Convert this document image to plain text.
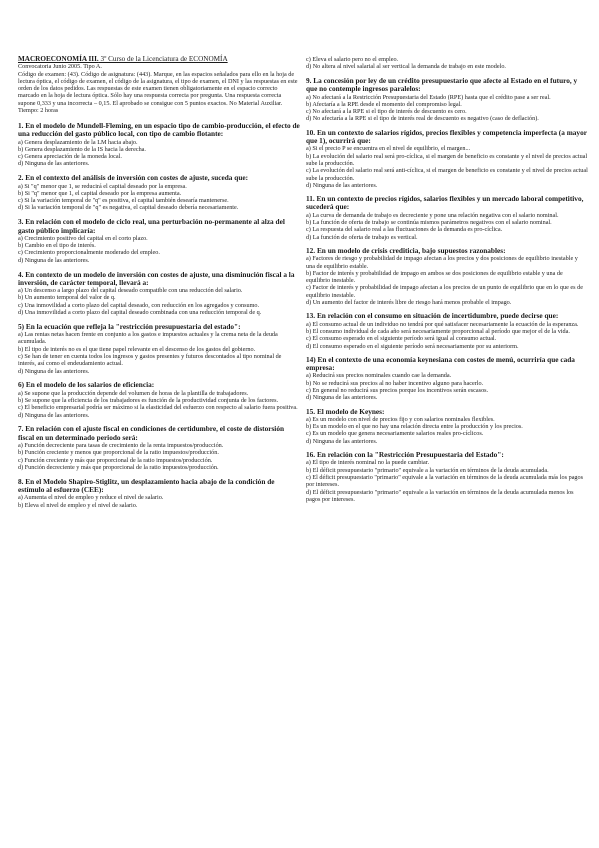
MACROECONOMÍA III. 3º Curso de la Licenciatura de ECONOMÍA
Convocatoria Junio 2005. Tipo A.
Código de examen: (43). Código de asignatura: (443). Marque, en las espacios señalados para ello en la hoja de lectura óptica, el código de examen, el código de la asignatura, el tipo de examen, el DNI y las respuestas en este orden de los datos pedidos. Las respuestas de este examen tienen obligatoriamente en el espacio correcto marcado en la hoja de lectura óptica. Sólo hay una respuesta correcta por pregunta. Una respuesta correcta supone 0,333 y una incorrecta – 0,15. El aprobado se consigue con 5 puntos exactos. No Material Auxiliar. Tiempo: 2 horas
1. En el modelo de Mundell-Fleming, en un espacio tipo de cambio-producción, el efecto de una reducción del gasto público local, con tipo de cambio flotante:
a) Genera desplazamiento de la LM hacia abajo.
b) Genera desplazamiento de la IS hacia la derecha.
c) Genera apreciación de la moneda local.
d) Ninguna de las anteriores.
2. En el contexto del análisis de inversión con costes de ajuste, suceda que:
a) Si "q" menor que 1, se reducirá el capital deseado por la empresa.
b) Si "q" menor que 1, el capital deseado por la empresa aumenta.
c) Si la variación temporal de "q" es positiva, el capital también desearía mantenerse.
d) Si la variación temporal de "q" es negativa, el capital deseado debería necesariamente.
3. En relación con el modelo de ciclo real, una perturbación no-permanente al alza del gasto público implicaría:
a) Crecimiento positivo del capital en el corto plazo.
b) Cambio en el tipo de interés.
c) Crecimiento proporcionalmente moderado del empleo.
d) Ninguna de las anteriores.
4. En contexto de un modelo de inversión con costes de ajuste, una disminución fiscal a la inversión, de carácter temporal, llevará a:
a) Un descenso a largo plazo del capital deseado compatible con una reducción del salario.
b) Un aumento temporal del valor de q.
c) Una inmovilidad a corto plazo del capital deseado, con reducción en los agregados y consumo.
d) Una inmovilidad a corto plazo del capital deseado combinada con una reducción temporal de q.
5) En la ecuación que refleja la "restricción presupuestaria del estado":
a) Las rentas netas hacen frente en conjunto a los gastos e impuestos actuales y la crema neta de la deuda acumulada.
b) El tipo de interés no es el que tiene papel relevante en el descenso de los gastos del gobierno.
c) Se han de tener en cuenta todos los ingresos y gastos presentes y futuros descontados al tipo nominal de interés, así como el endeudamiento actual.
d) Ninguna de las anteriores.
6) En el modelo de los salarios de eficiencia:
a) Se supone que la producción depende del volumen de horas de la plantilla de trabajadores.
b) Se supone que la eficiencia de los trabajadores es función de la productividad conjunta de los factores.
c) El beneficio empresarial podría ser máximo si la elasticidad del esfuerzo con respecto al salario fuera positiva.
d) Ninguna de las anteriores.
7. En relación con el ajuste fiscal en condiciones de certidumbre, el coste de distorsión fiscal en un determinado periodo será:
a) Función decreciente para tasas de crecimiento de la renta impuestos/producción.
b) Función creciente y menos que proporcional de la ratio impuestos/producción.
c) Función creciente y más que proporcional de la ratio impuestos/producción.
d) Función decreciente y más que proporcional de la ratio impuestos/producción.
8. En el Modelo Shapiro-Stiglitz, un desplazamiento hacia abajo de la condición de estímulo al esfuerzo (CEE):
a) Aumenta el nivel de empleo y reduce el nivel de salario.
b) Eleva el nivel de empleo y el nivel de salario.
c) Eleva el salario pero no el empleo.
d) No altera al nivel salarial al ser vertical la demanda de trabajo en este modelo.
9. La concesión por ley de un crédito presupuestario que afecte al Estado en el futuro, y que no contemple ingresos paralelos:
a) No afectará a la Restricción Presupuestaria del Estado (RPE) hasta que el crédito pase a ser real.
b) Afectaría a la RPE desde el momento del compromiso legal.
c) No afectará a la RPE si el tipo de interés de descuento es cero.
d) No afectaría a la RPE si el tipo de interés real de descuento es negativo (caso de deflación).
10. En un contexto de salarios rígidos, precios flexibles y competencia imperfecta (a mayor que 1), ocurrirá que:
a) Si el precio P se encuentra en el nivel de equilibrio, el margen...
b) La evolución del salario real será pro-cíclica, si el margen de beneficio es constante y el nivel de precios actual sube la producción.
c) La evolución del salario real será anti-cíclica, si el margen de beneficio es constante y el nivel de precios actual sube la producción.
d) Ninguna de las anteriores.
11. En un contexto de precios rígidos, salarios flexibles y un mercado laboral competitivo, sucederá que:
a) La curva de demanda de trabajo es decreciente y pone una relación negativa con el salario nominal.
b) La función de oferta de trabajo se continúa mismos parámetros negativos con el salario nominal.
c) La respuesta del salario real a las fluctuaciones de la demanda es pro-cíclica.
d) La función de oferta de trabajo es vertical.
12. En un modelo de crisis crediticia, bajo supuestos razonables:
a) Factores de riesgo y probabilidad de impago afectan a los precios y dos posiciones de equilibrio inestable y una de equilibrio estable.
b) Factor de interés y probabilidad de impago en ambos se dos posiciones de equilibrio estable y una de equilibrio inestable.
c) Factor de interés y probabilidad de impago afectan a los precios de un punto de equilibrio que en lo que es de equilibrio inestable.
d) Un aumento del factor de interés libre de riesgo hará menos probable el impago.
13. En relación con el consumo en situación de incertidumbre, puede decirse que:
a) El consumo actual de un individuo no tendrá por qué satisfacer necesariamente la ecuación de la esperanza.
b) El consumo individual de cada año será necesariamente proporcional al período que mejor el de la vida.
c) El consumo esperado en el siguiente período será igual al consumo actual.
d) El consumo esperado en el siguiente período será necesariamente por su anteriorm.
14) En el contexto de una economía keynesiana con costes de menú, ocurriría que cada empresa:
a) Reducirá sus precios nominales cuando cae la demanda.
b) No se reducirá sus precios al no haber incentivo alguno para hacerlo.
c) En general no reducirá sus precios porque los incentivos serán escasos.
d) Ninguna de las anteriores.
15. El modelo de Keynes:
a) Es un modelo con nivel de precios fijo y con salarios nominales flexibles.
b) Es un modelo en el que no hay una relación directa entre la producción y los precios.
c) Es un modelo que genera necesariamente salarios reales pro-cíclicos.
d) Ninguna de las anteriores.
16. En relación con la "Restricción Presupuestaria del Estado":
a) El tipo de interés nominal no la puede cambiar.
b) El déficit presupuestario "primario" equivale a la variación en términos de la deuda acumulada.
c) El déficit presupuestario "primario" equivale a la variación en términos de la deuda acumulada más los pagos por intereses.
d) El déficit presupuestario "primario" equivale a la variación en términos de la deuda acumulada menos los pagos por intereses.
